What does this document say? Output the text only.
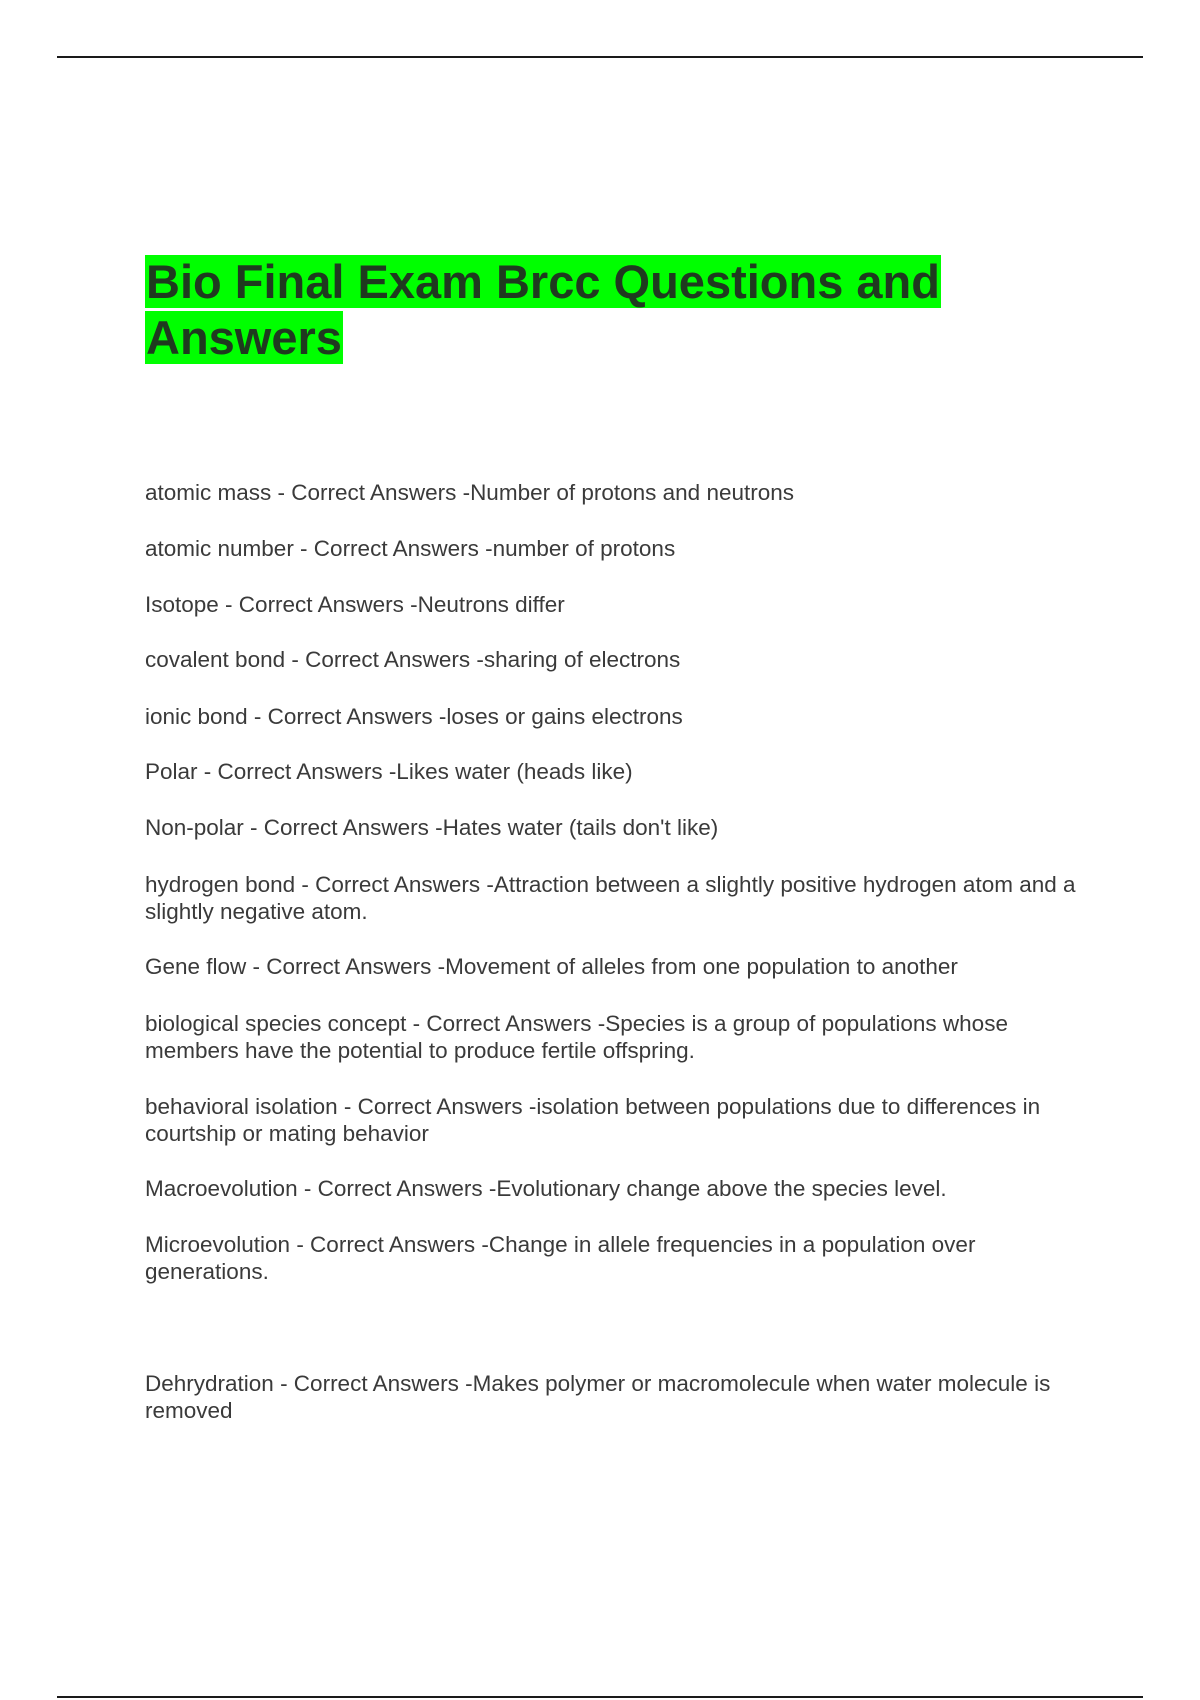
Bio Final Exam Brcc Questions and Answers

atomic mass - Correct Answers -Number of protons and neutrons

atomic number - Correct Answers -number of protons

Isotope - Correct Answers -Neutrons differ

covalent bond - Correct Answers -sharing of electrons

ionic bond - Correct Answers -loses or gains electrons

Polar - Correct Answers -Likes water (heads like)

Non-polar - Correct Answers -Hates water (tails don't like)

hydrogen bond - Correct Answers -Attraction between a slightly positive hydrogen atom and a slightly negative atom.

Gene flow - Correct Answers -Movement of alleles from one population to another

biological species concept - Correct Answers -Species is a group of populations whose members have the potential to produce fertile offspring.

behavioral isolation - Correct Answers -isolation between populations due to differences in courtship or mating behavior

Macroevolution - Correct Answers -Evolutionary change above the species level.

Microevolution - Correct Answers -Change in allele frequencies in a population over generations.

Dehrydration - Correct Answers -Makes polymer or macromolecule when water molecule is removed
